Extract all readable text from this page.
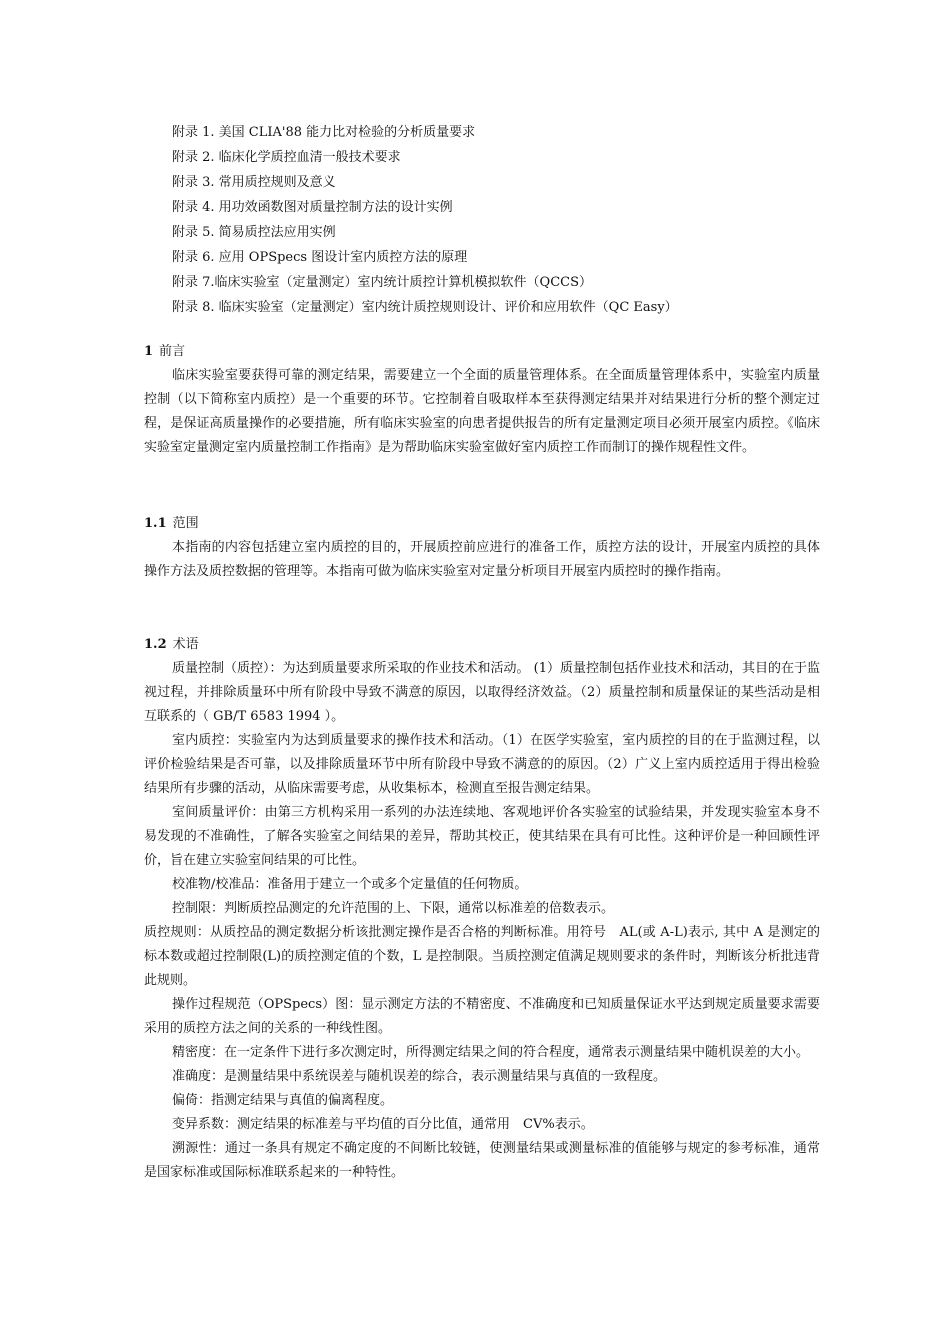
附录 1. 美国 CLIA'88 能力比对检验的分析质量要求
附录 2. 临床化学质控血清一般技术要求
附录 3. 常用质控规则及意义
附录 4. 用功效函数图对质量控制方法的设计实例
附录 5. 简易质控法应用实例
附录 6. 应用 OPSpecs 图设计室内质控方法的原理
附录 7.临床实验室（定量测定）室内统计质控计算机模拟软件（QCCS）
附录 8. 临床实验室（定量测定）室内统计质控规则设计、评价和应用软件（QC Easy）
1 前言

临床实验室要获得可靠的测定结果，需要建立一个全面的质量管理体系。在全面质量管理体系中，实验室内质量控制（以下简称室内质控）是一个重要的环节。它控制着自吸取样本至获得测定结果并对结果进行分析的整个测定过程，是保证高质量操作的必要措施，所有临床实验室的向患者提供报告的所有定量测定项目必须开展室内质控。《临床实验室定量测定室内质量控制工作指南》是为帮助临床实验室做好室内质控工作而制订的操作规程性文件。

1.1 范围

本指南的内容包括建立室内质控的目的，开展质控前应进行的准备工作，质控方法的设计，开展室内质控的具体操作方法及质控数据的管理等。本指南可做为临床实验室对定量分析项目开展室内质控时的操作指南。

1.2 术语

质量控制（质控）：为达到质量要求所采取的作业技术和活动。 (1）质量控制包括作业技术和活动，其目的在于监视过程，并排除质量环中所有阶段中导致不满意的原因，以取得经济效益。（2）质量控制和质量保证的某些活动是相互联系的（ GB/T 6583 1994 ）。

室内质控：实验室内为达到质量要求的操作技术和活动。（1）在医学实验室，室内质控的目的在于监测过程，以评价检验结果是否可靠，以及排除质量环节中所有阶段中导致不满意的的原因。（2）广义上室内质控适用于得出检验结果所有步骤的活动，从临床需要考虑，从收集标本，检测直至报告测定结果。

室间质量评价：由第三方机构采用一系列的办法连续地、客观地评价各实验室的试验结果，并发现实验室本身不易发现的不准确性，了解各实验室之间结果的差异，帮助其校正，使其结果在具有可比性。这种评价是一种回顾性评价，旨在建立实验室间结果的可比性。

校准物/校准品：准备用于建立一个或多个定量值的任何物质。

控制限：判断质控品测定的允许范围的上、下限，通常以标准差的倍数表示。

质控规则：从质控品的测定数据分析该批测定操作是否合格的判断标准。用符号　AL(或 A-L)表示, 其中 A 是测定的标本数或超过控制限(L)的质控测定值的个数，L 是控制限。当质控测定值满足规则要求的条件时，判断该分析批违背此规则。

操作过程规范（OPSpecs）图：显示测定方法的不精密度、不准确度和已知质量保证水平达到规定质量要求需要采用的质控方法之间的关系的一种线性图。

精密度：在一定条件下进行多次测定时，所得测定结果之间的符合程度，通常表示测量结果中随机误差的大小。

准确度：是测量结果中系统误差与随机误差的综合，表示测量结果与真值的一致程度。

偏倚：指测定结果与真值的偏离程度。

变异系数：测定结果的标准差与平均值的百分比值，通常用　CV%表示。

溯源性：通过一条具有规定不确定度的不间断比较链，使测量结果或测量标准的值能够与规定的参考标准，通常是国家标准或国际标准联系起来的一种特性。
